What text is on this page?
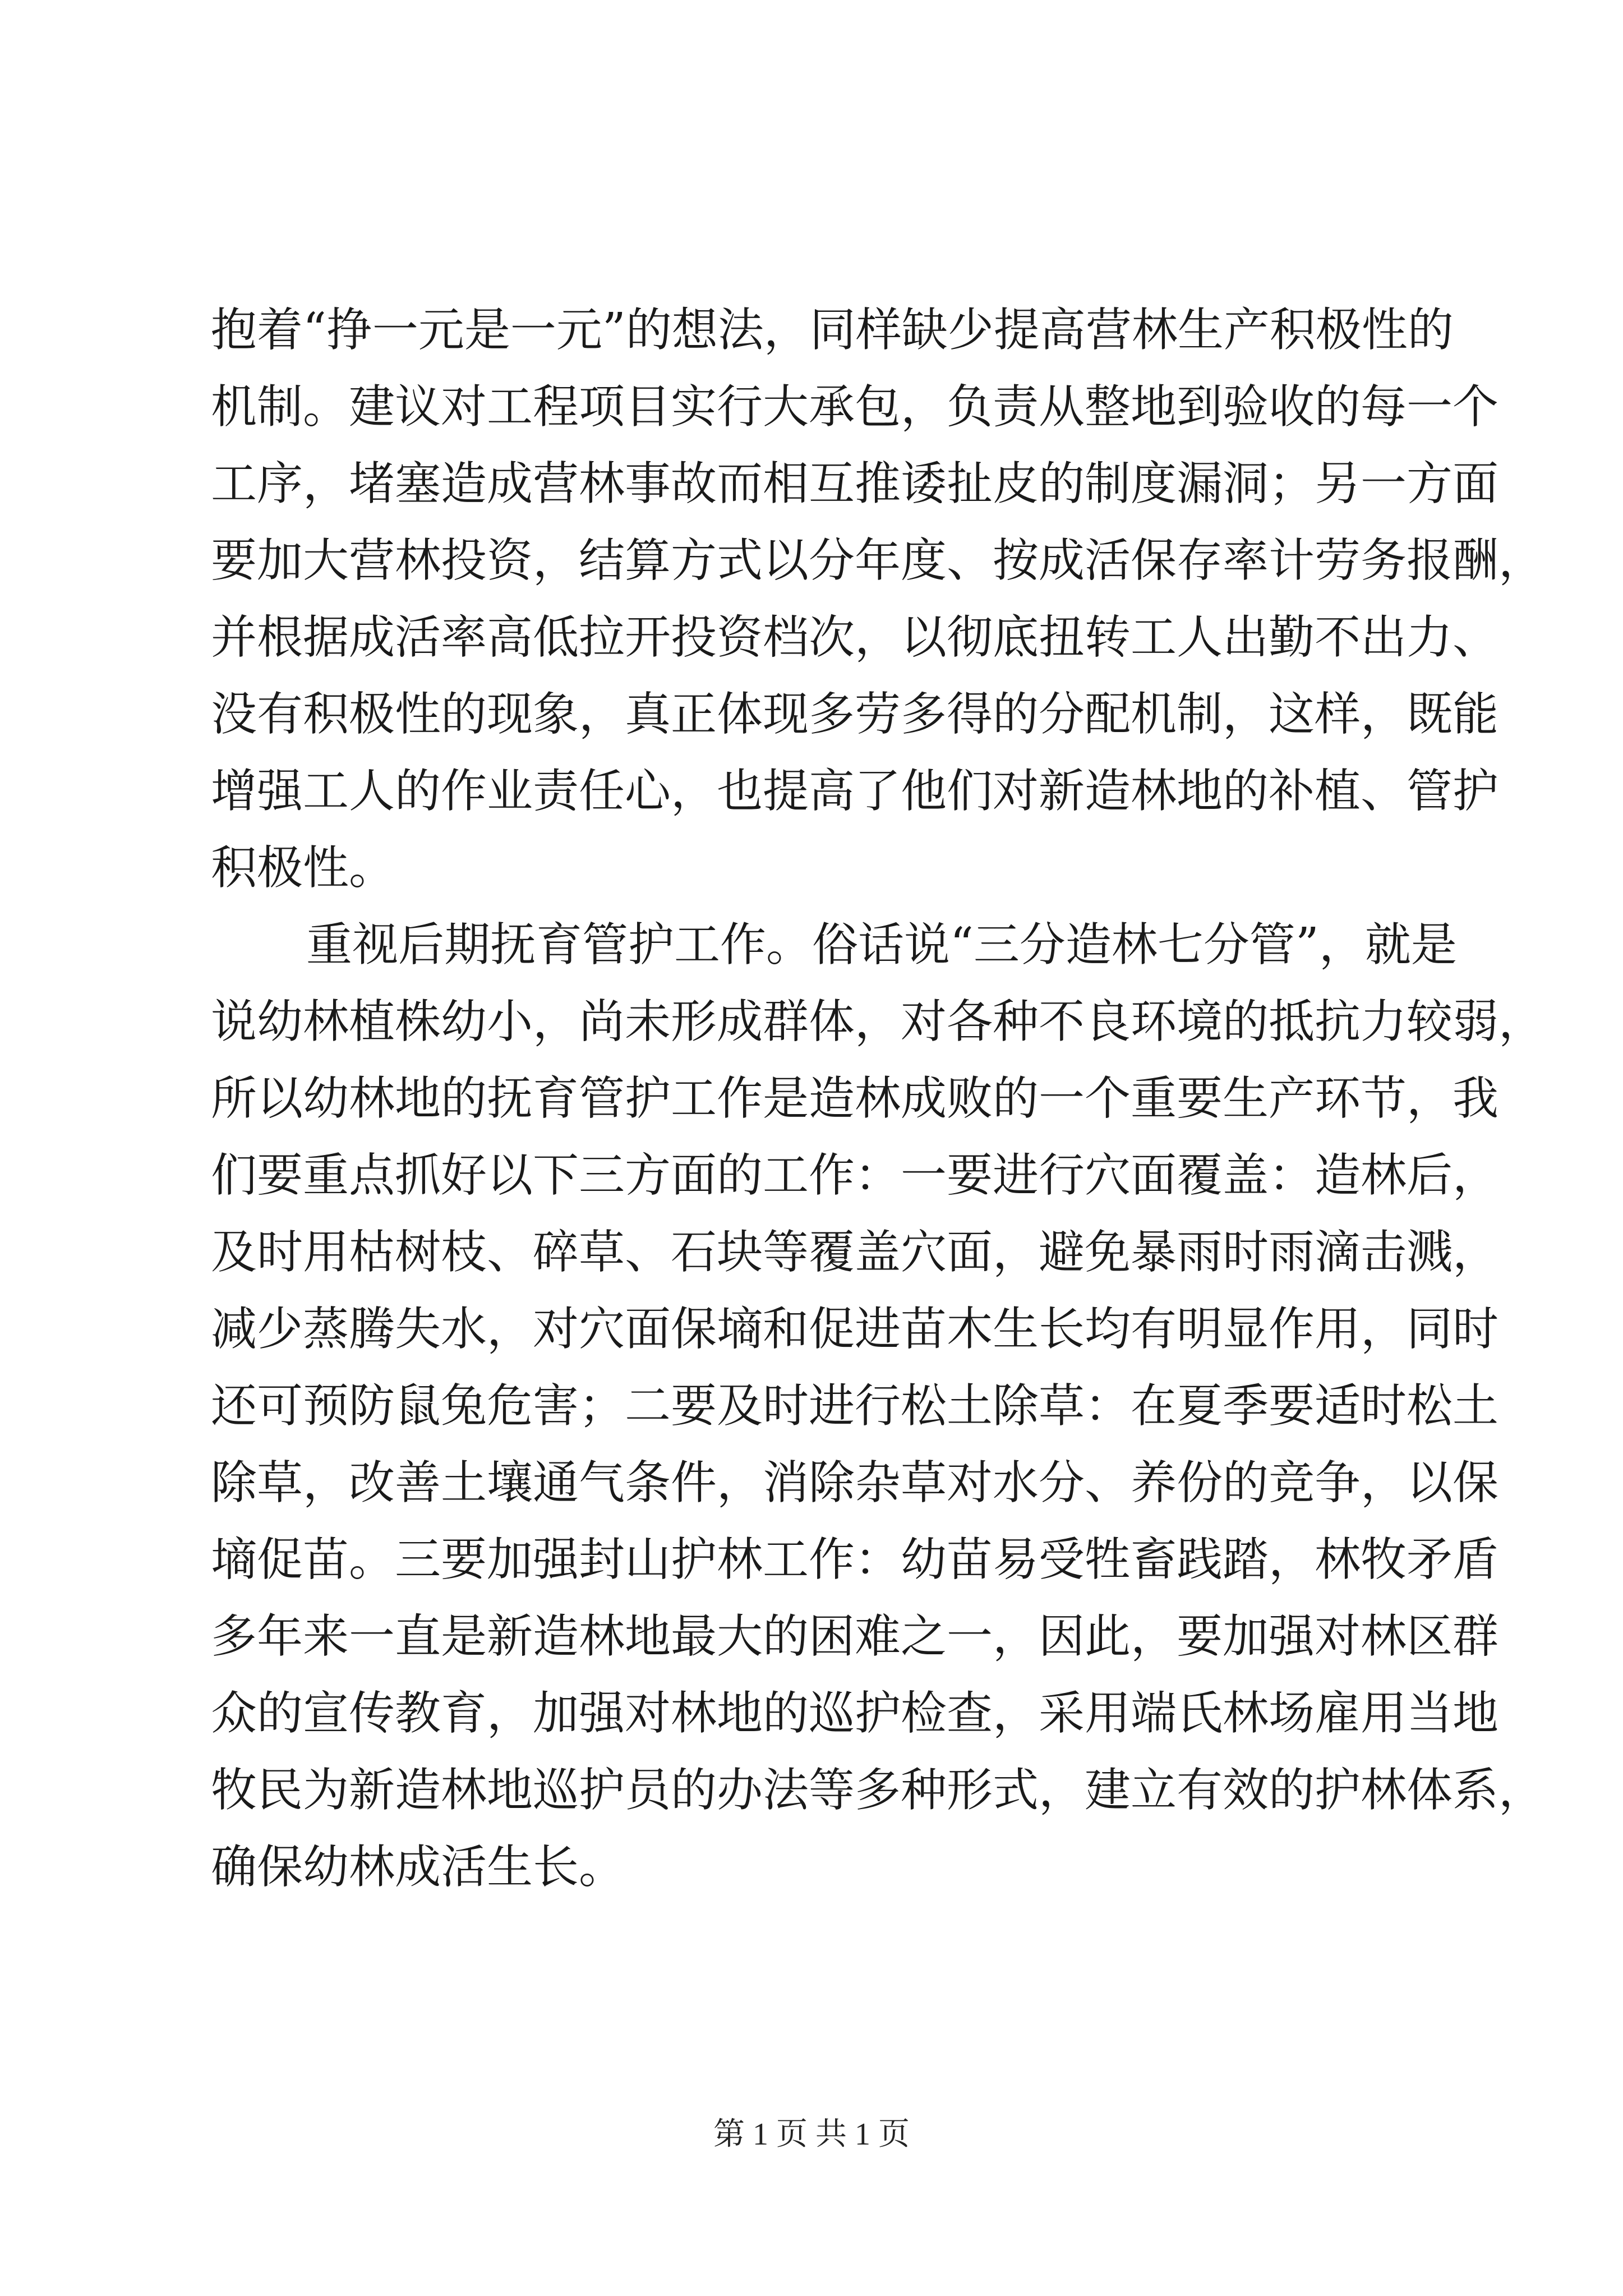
抱着“挣一元是一元”的想法，同样缺少提高营林生产积极性的
机制。建议对工程项目实行大承包，负责从整地到验收的每一个
工序，堵塞造成营林事故而相互推诿扯皮的制度漏洞；另一方面
要加大营林投资，结算方式以分年度、按成活保存率计劳务报酬，
并根据成活率高低拉开投资档次，以彻底扭转工人出勤不出力、
没有积极性的现象，真正体现多劳多得的分配机制，这样，既能
增强工人的作业责任心，也提高了他们对新造林地的补植、管护
积极性。
重视后期抚育管护工作。俗话说“三分造林七分管”，就是
说幼林植株幼小，尚未形成群体，对各种不良环境的抵抗力较弱，
所以幼林地的抚育管护工作是造林成败的一个重要生产环节，我
们要重点抓好以下三方面的工作：一要进行穴面覆盖：造林后，
及时用枯树枝、碎草、石块等覆盖穴面，避免暴雨时雨滴击溅，
减少蒸腾失水，对穴面保墒和促进苗木生长均有明显作用，同时
还可预防鼠兔危害；二要及时进行松土除草：在夏季要适时松土
除草，改善土壤通气条件，消除杂草对水分、养份的竞争，以保
墒促苗。三要加强封山护林工作：幼苗易受牲畜践踏，林牧矛盾
多年来一直是新造林地最大的困难之一，因此，要加强对林区群
众的宣传教育，加强对林地的巡护检查，采用端氏林场雇用当地
牧民为新造林地巡护员的办法等多种形式，建立有效的护林体系，
确保幼林成活生长。
第 1 页 共 1 页
